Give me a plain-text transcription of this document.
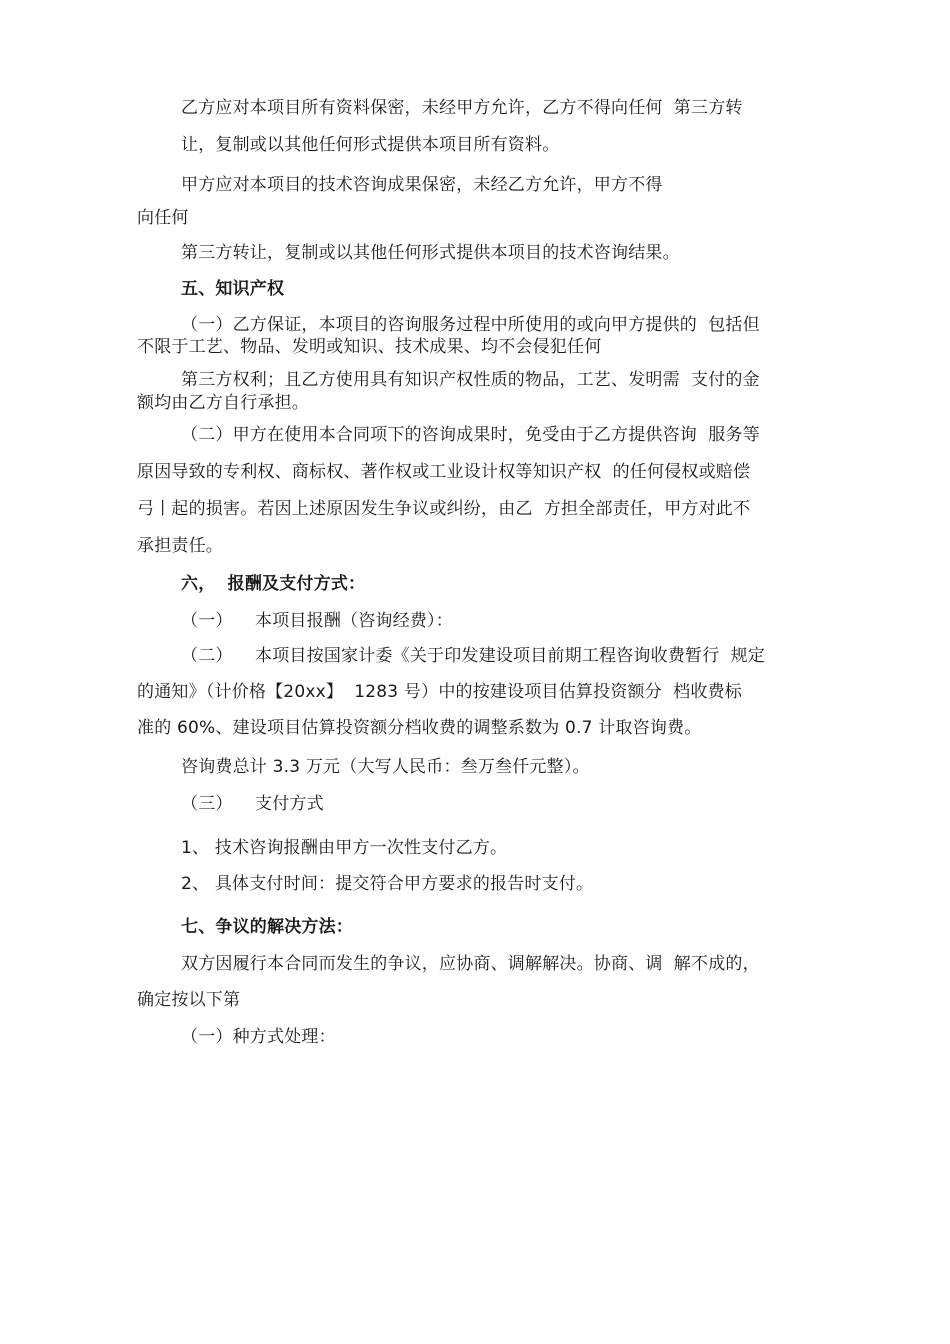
乙方应对本项目所有资料保密，未经甲方允许，乙方不得向任何  第三方转

让，复制或以其他任何形式提供本项目所有资料。

甲方应对本项目的技术咨询成果保密，未经乙方允许，甲方不得

向任何

第三方转让，复制或以其他任何形式提供本项目的技术咨询结果。

五、知识产权

（一）乙方保证，本项目的咨询服务过程中所使用的或向甲方提供的  包括但

不限于工艺、物品、发明或知识、技术成果、均不会侵犯任何

第三方权利；且乙方使用具有知识产权性质的物品，工艺、发明需  支付的金

额均由乙方自行承担。

（二）甲方在使用本合同项下的咨询成果时，免受由于乙方提供咨询  服务等

原因导致的专利权、商标权、著作权或工业设计权等知识产权  的任何侵权或赔偿

弓丨起的损害。若因上述原因发生争议或纠纷，由乙  方担全部责任，甲方对此不

承担责任。

六，  报酬及支付方式：

（一）    本项目报酬（咨询经费）：

（二）    本项目按国家计委《关于印发建设项目前期工程咨询收费暂行  规定

的通知》（计价格【20xx】  1283 号）中的按建设项目估算投资额分  档收费标

准的 60%、建设项目估算投资额分档收费的调整系数为 0.7 计取咨询费。

咨询费总计 3.3 万元（大写人民币：叁万叁仟元整）。

（三）    支付方式

1、 技术咨询报酬由甲方一次性支付乙方。

2、 具体支付时间：提交符合甲方要求的报告时支付。

七、争议的解决方法：

双方因履行本合同而发生的争议，应协商、调解解决。协商、调  解不成的，

确定按以下第

（一）种方式处理：
